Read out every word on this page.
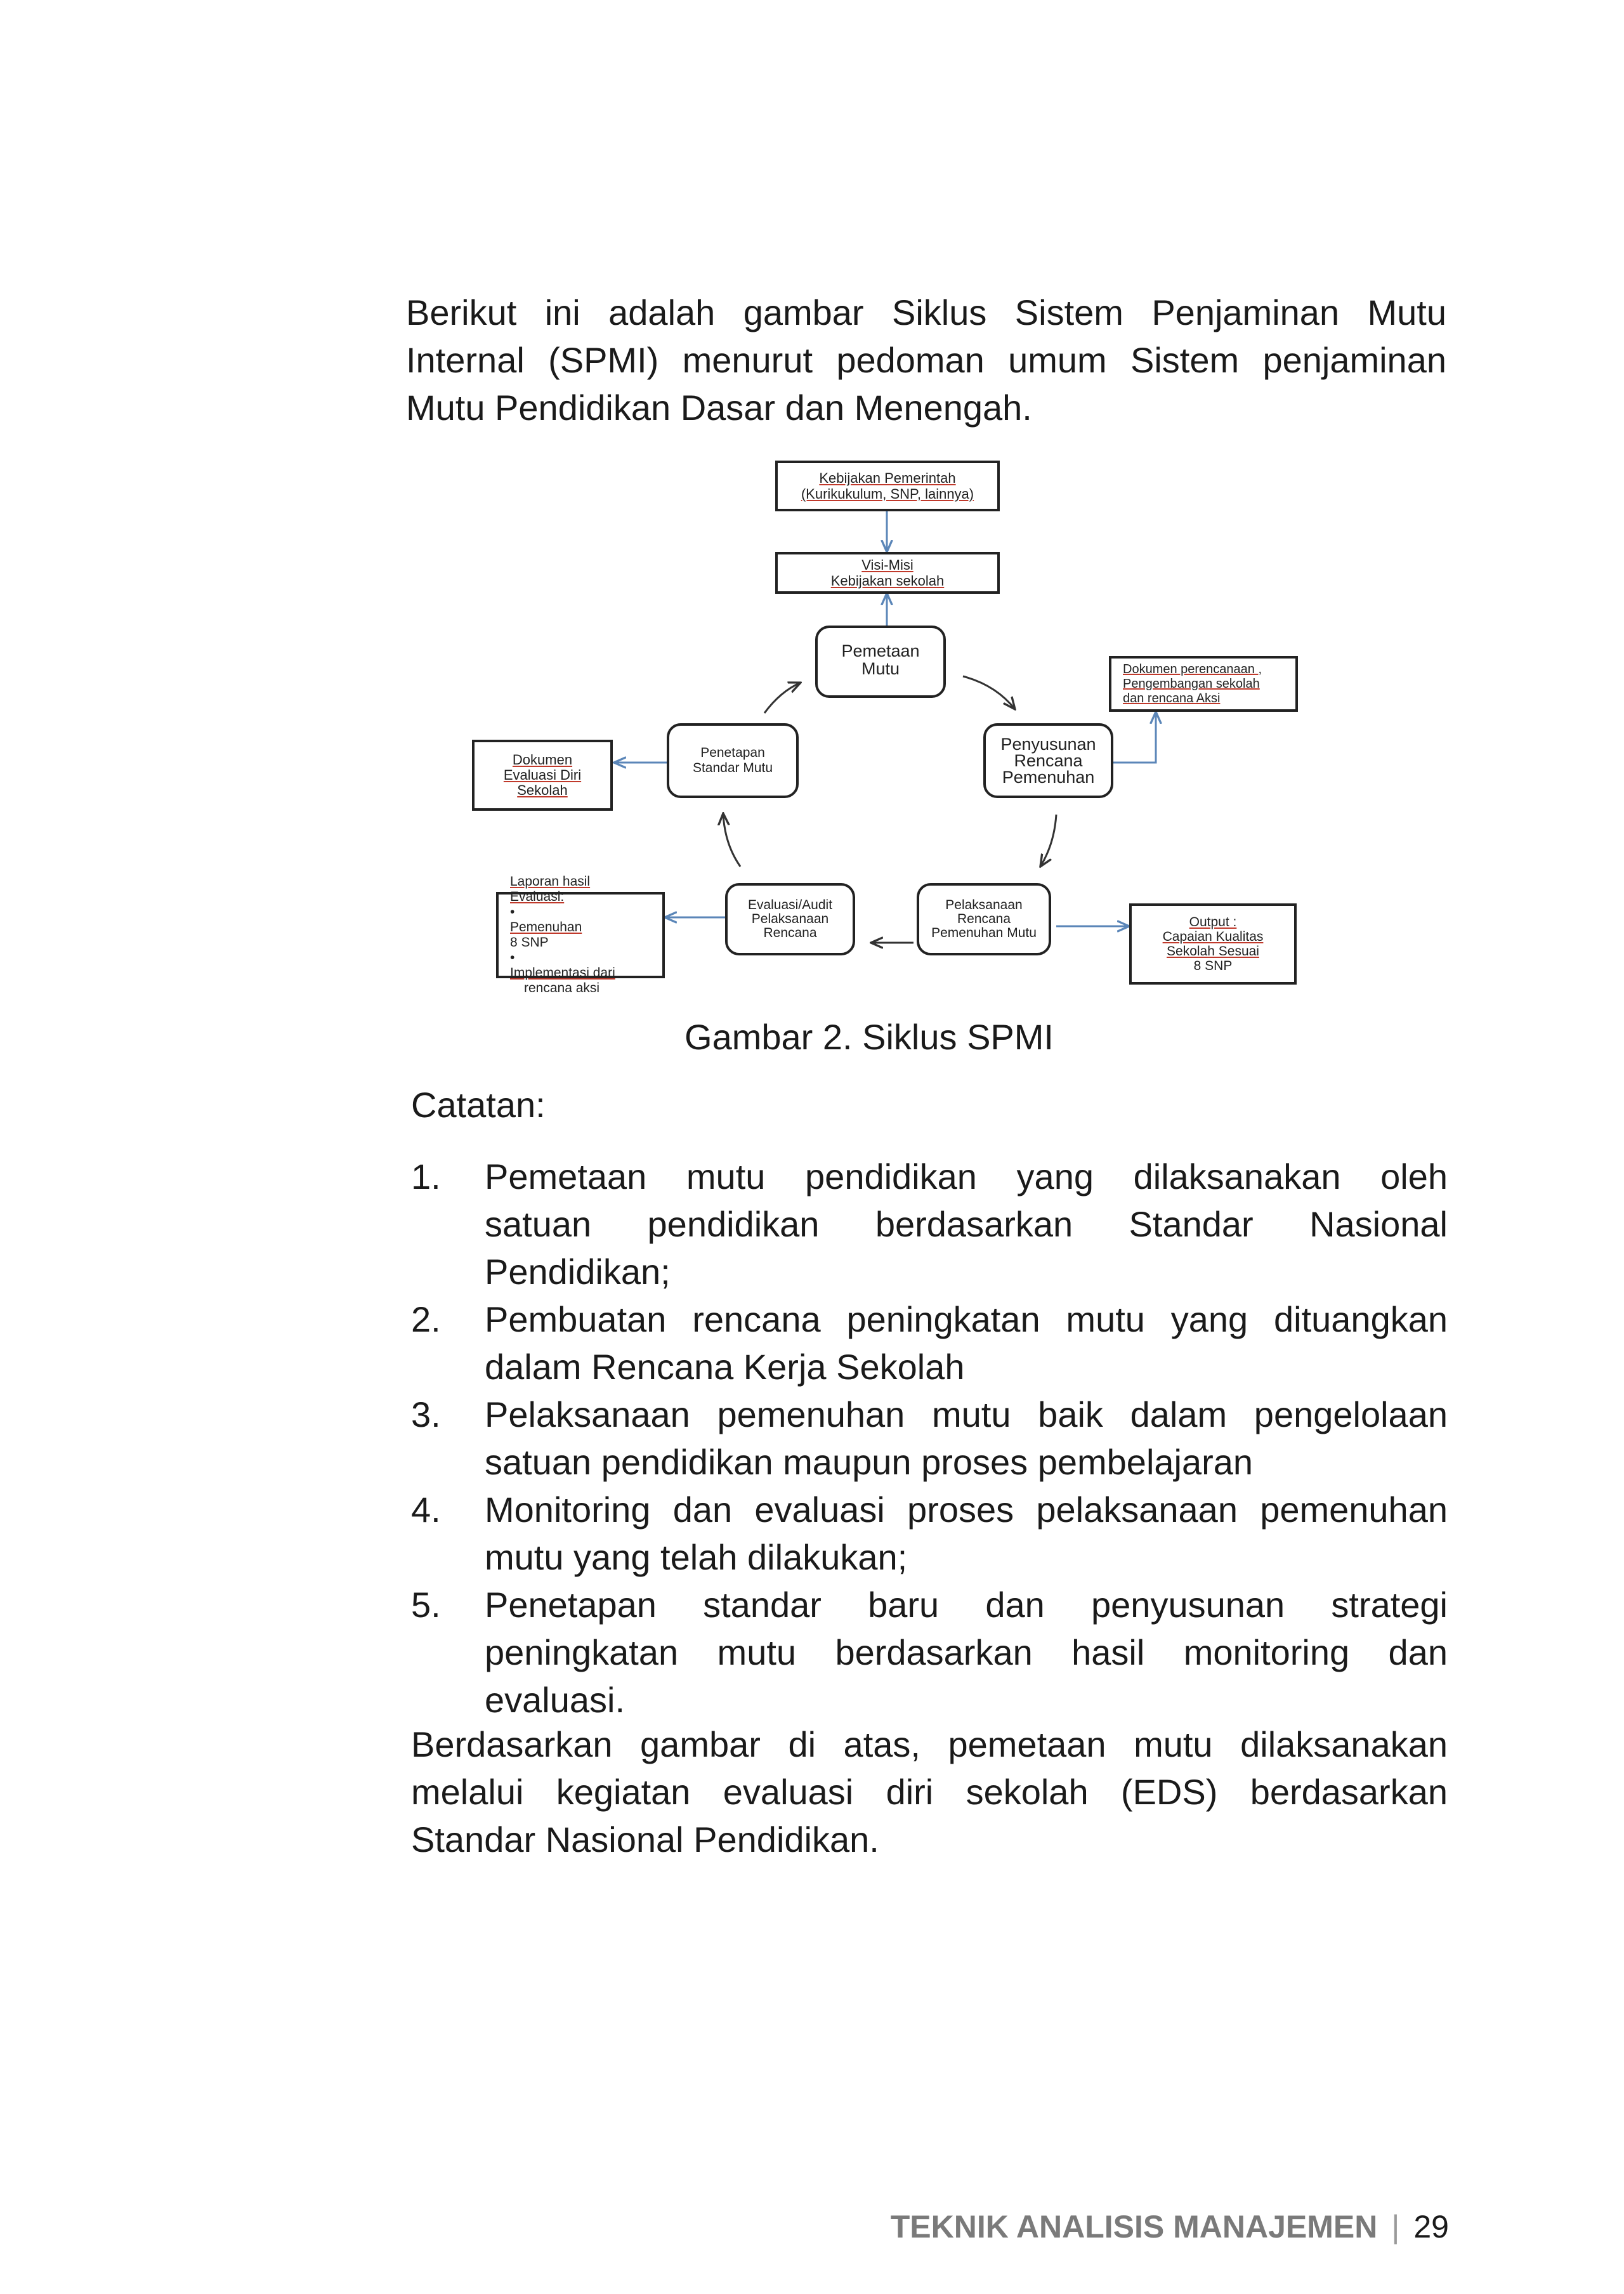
Berikut ini adalah gambar Siklus Sistem Penjaminan Mutu
Internal (SPMI) menurut pedoman umum Sistem penjaminan
Mutu Pendidikan Dasar dan Menengah.
Kebijakan Pemerintah
(Kurikukulum, SNP, lainnya)
Visi-Misi
Kebijakan sekolah
Pemetaan
Mutu	Dokumen perencanaan ,
Pengembangan sekolah
dan rencana Aksi
Penyusunan
Rencana
Pemenuhan
Penetapan
Standar Mutu
Dokumen
Evaluasi Diri
Sekolah
Laporan hasil
Evaluasi:
•
Pemenuhan
8 SNP
•
Implementasi dari
rencana aksi
Evaluasi/Audit
Pelaksanaan
Rencana
Pelaksanaan
Rencana
Pemenuhan Mutu
Output :
Capaian Kualitas
Sekolah Sesuai
8 SNP
Gambar 2. Siklus SPMI
Catatan:
1. Pemetaan mutu pendidikan yang dilaksanakan oleh
satuan pendidikan berdasarkan Standar Nasional
Pendidikan;
2. Pembuatan rencana peningkatan mutu yang dituangkan
dalam Rencana Kerja Sekolah
3. Pelaksanaan pemenuhan mutu baik dalam pengelolaan
satuan pendidikan maupun proses pembelajaran
4. Monitoring dan evaluasi proses pelaksanaan pemenuhan
mutu yang telah dilakukan;
5. Penetapan standar baru dan penyusunan strategi
peningkatan mutu berdasarkan hasil monitoring dan
evaluasi.
Berdasarkan gambar di atas, pemetaan mutu dilaksanakan
melalui kegiatan evaluasi diri sekolah (EDS) berdasarkan
Standar Nasional Pendidikan.
TEKNIK ANALISIS MANAJEMEN | 29
